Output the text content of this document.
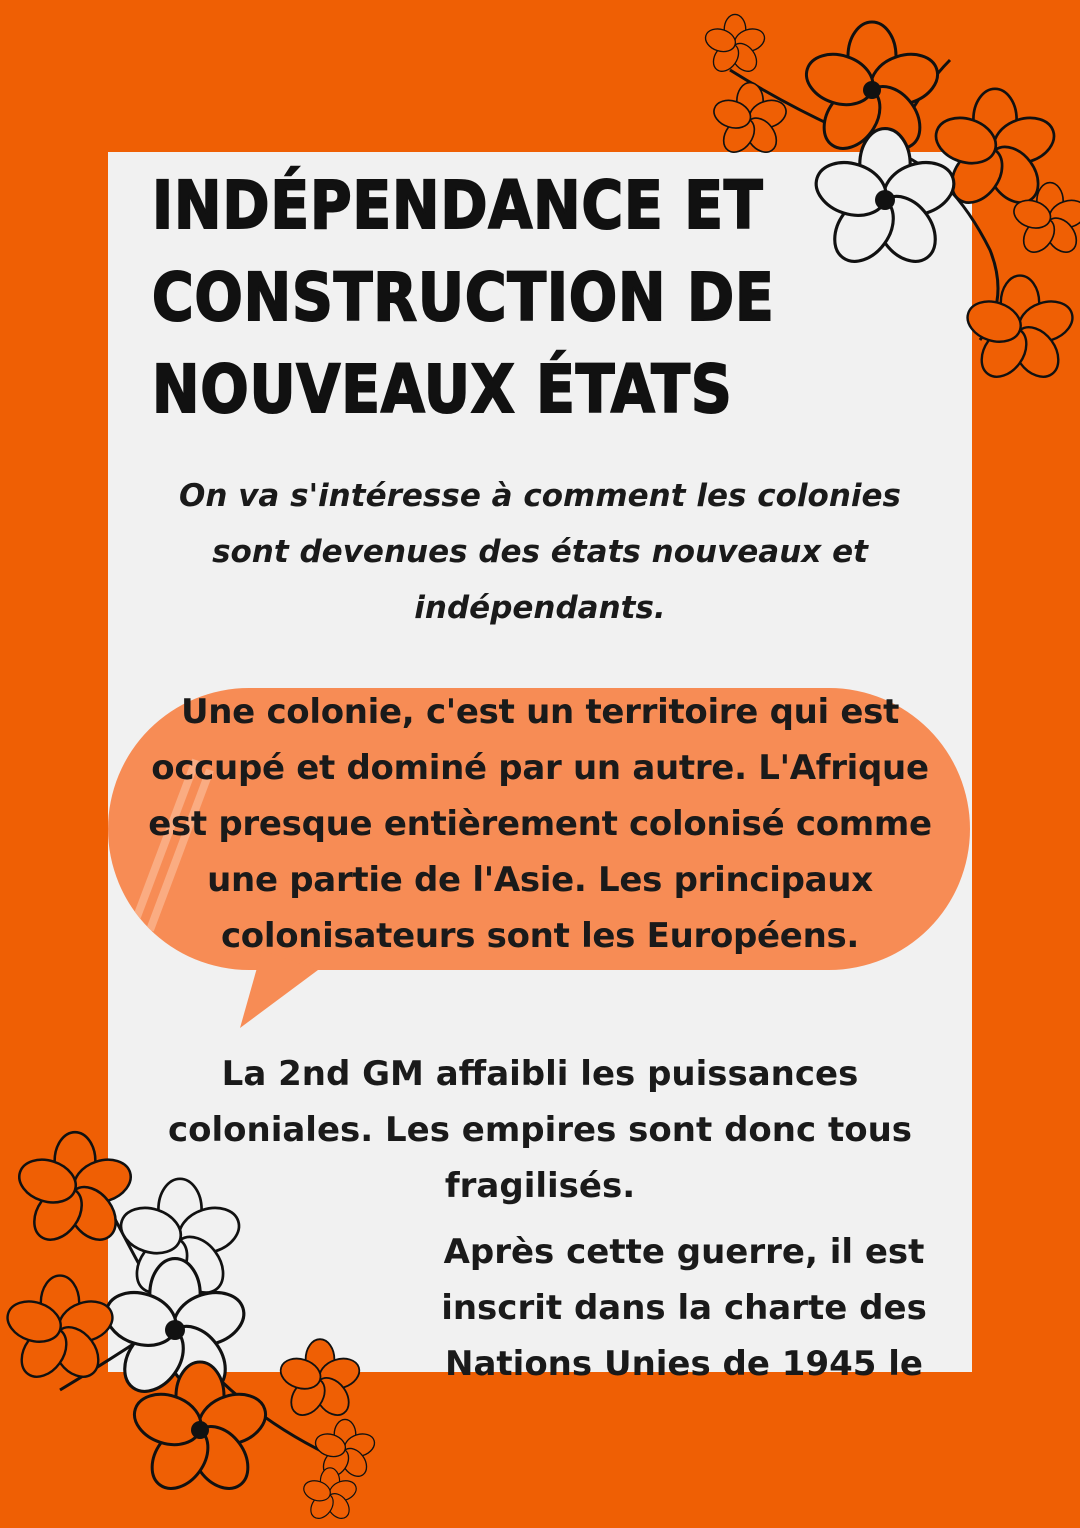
INDÉPENDANCE ET
CONSTRUCTION DE
NOUVEAUX ÉTATS

On va s'intéresse à comment les colonies
sont devenues des états nouveaux et
indépendants.

Une colonie, c'est un territoire qui est
occupé et dominé par un autre. L'Afrique
est presque entièrement colonisé comme
une partie de l'Asie. Les principaux
colonisateurs sont les Européens.

La 2nd GM affaibli les puissances
coloniales. Les empires sont donc tous
fragilisés.

Après cette guerre, il est
inscrit dans la charte des
Nations Unies de 1945 le
